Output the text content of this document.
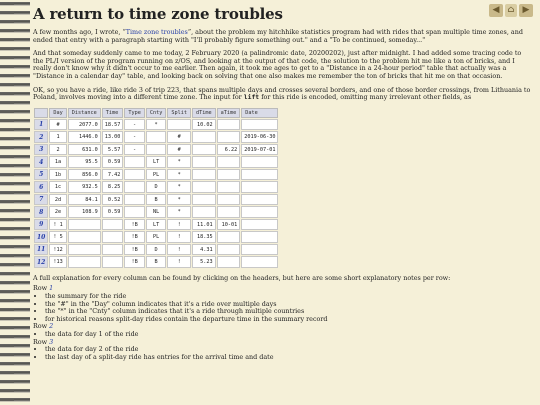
A return to time zone troubles	◀ ⌂ ▶

A few months ago, I wrote, “Time zone troubles”, about the problem my hitchhike statistics program had with rides that span multiple time zones, and ended that entry with a paragraph starting with "I'll probably figure something out." and a "To be continued, someday..."

And that someday suddenly came to me today, 2 February 2020 (a palindromic date, 20200202), just after midnight. I had added some tracing code to the PL/I version of the program running on z/OS, and looking at the output of that code, the solution to the problem hit me like a ton of bricks, and I really don't know why it didn't occur to me earlier. Then again, it took me ages to get to a "Distance in a 24-hour period" table that actually was a "Distance in a calendar day" table, and looking back on solving that one also makes me remember the ton of bricks that hit me on that occasion.

OK, so you have a ride, like ride 3 of trip 223, that spans multiple days and crosses several borders, and one of those border crossings, from Lithuania to Poland, involves moving into a different time zone. The input for lift for this ride is encoded, omitting many irrelevant other fields, as

	Day	Distance	Time	Type	Cnty	Split	dTime	aTime	Date
1	#	2077.0	18.57	-	*		10.02		
2	1	1446.0	13.00	-		#			2019-06-30
3	2	631.0	5.57	-		#		6.22	2019-07-01
4	1a	95.5	0.59		LT	*			
5	1b	856.0	7.42		PL	*			
6	1c	932.5	8.25		D	*			
7	2d	84.1	0.52		B	*			
8	2e	108.9	0.59		NL	*			
9	! 1			!B	LT	!	11.01	10-01	
10	! 5			!B	PL	!	18.35		
11	!12			!B	D	!	4.31		
12	!13			!B	B	!	5.23		

A full explanation for every column can be found by clicking on the headers, but here are some short explanatory notes per row:

Row 1
• the summary for the ride
• the "#" in the "Day" column indicates that it's a ride over multiple days
• the "*" in the "Cnty" column indicates that it's a ride through multiple countries
• for historical reasons split-day rides contain the departure time in the summary record
Row 2
• the data for day 1 of the ride
Row 3
• the data for day 2 of the ride
• the last day of a split-day ride has entries for the arrival time and date
